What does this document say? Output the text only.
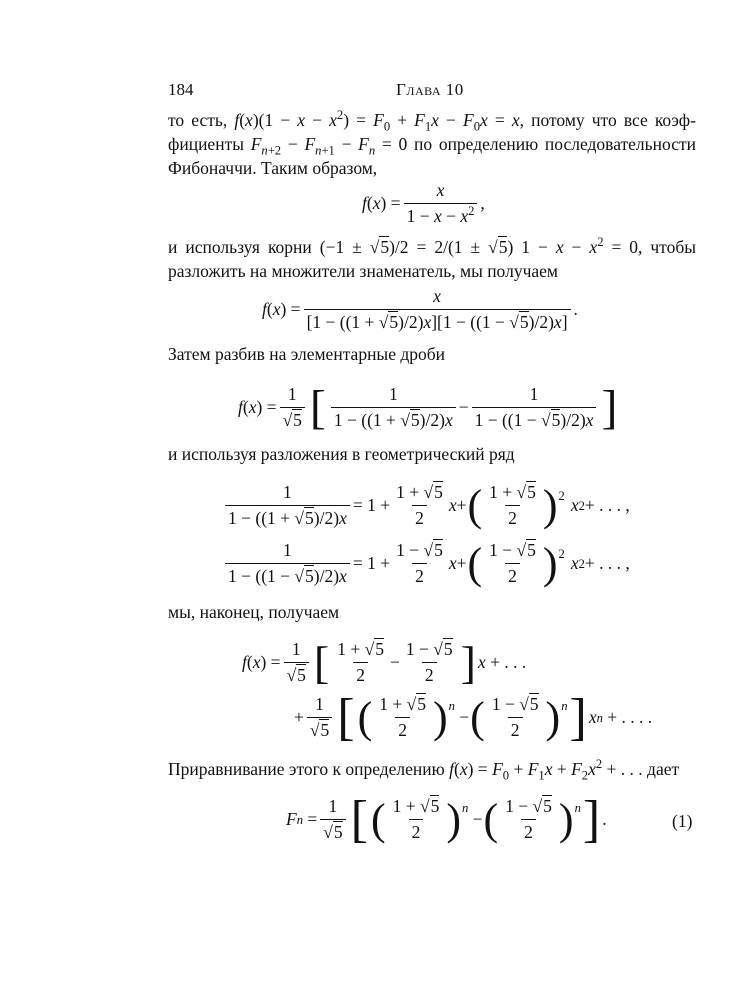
184	Глава 10
то есть, $f(x)(1 - x - x^2) = F_0 + F_1x - F_0x = x$, потому что все коэф-фициенты $F_{n+2} - F_{n+1} - F_n = 0$ по определению последовательности Фибоначчи. Таким образом,
f ( x ) = $\frac{x}{1 - x - x^2}$ ,
и используя корни (−1 ± √5)/2 = 2/(1 ± √5) $1 - x - x^2 = 0$, чтобы разложить на множители знаменатель, мы получаем
f ( x ) = $\frac{x}{[1 - ((1 + √5)/2)x][1 - ((1 - √5)/2)x]}$ .
Затем разбив на элементарные дроби
f ( x ) = $\frac{1}{√5}$ [ $\frac{1}{1 - ((1 + √5)/2)x} - \frac{1}{1 - ((1 - √5)/2)x}$ ]
и используя разложения в геометрический ряд
$\frac{1}{1 - ((1 + √5)/2)x} = 1 + \frac{1 + √5}{2}$ x + ( $\frac{1 + √5}{2} )^2$ x 2 + . . . ,
$\frac{1}{1 - ((1 - √5)/2)x} = 1 + \frac{1 - √5}{2}$ x + ( $\frac{1 - √5}{2} )^2$ x 2 + . . . ,
мы, наконец, получаем
f ( x ) = $\frac{1}{√5}$ [ $\frac{1 + √5}{2} - \frac{1 - √5}{2}$ ] x + . . .
+ $\frac{1}{√5}$ [ ( $\frac{1 + √5}{2} )^n$
− ( $\frac{1 - √5}{2} )^n$ ] x n + . . . .
Приравнивание этого к определению $f(x) = F_0 + F_1x + F_2x^2$ + . . . дает
F $n = \frac{1}{√5}$ [ ( $\frac{1 + √5}{2} )^n$
− ( $\frac{1 - √5}{2} )^n$ ] .	(1)
